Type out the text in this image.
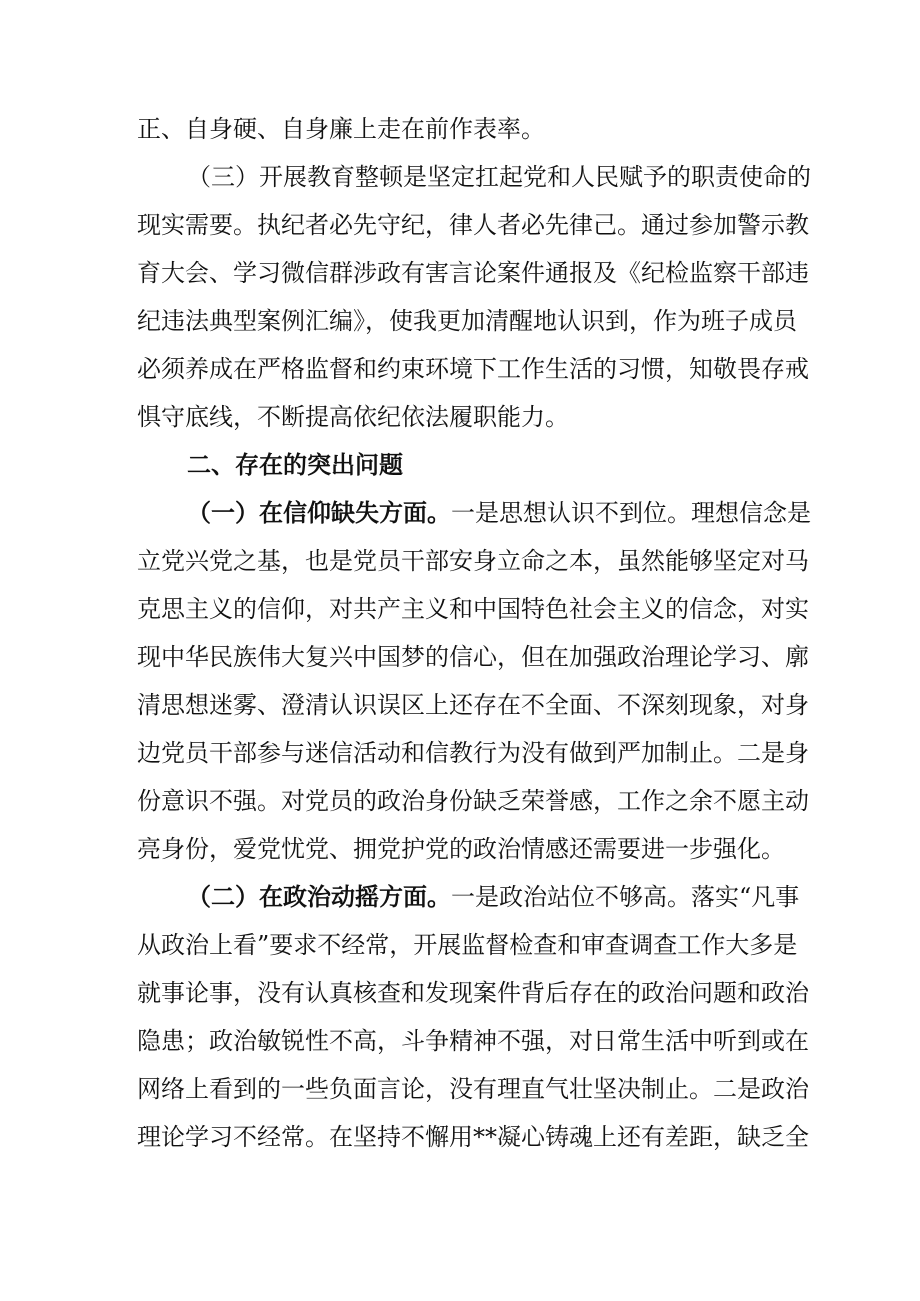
正、自身硬、自身廉上走在前作表率。
（三）开展教育整顿是坚定扛起党和人民赋予的职责使命的
现实需要。执纪者必先守纪，律人者必先律己。通过参加警示教
育大会、学习微信群涉政有害言论案件通报及《纪检监察干部违
纪违法典型案例汇编》，使我更加清醒地认识到，作为班子成员
必须养成在严格监督和约束环境下工作生活的习惯，知敬畏存戒
惧守底线，不断提高依纪依法履职能力。
二、存在的突出问题
（一）在信仰缺失方面。一是思想认识不到位。理想信念是
立党兴党之基，也是党员干部安身立命之本，虽然能够坚定对马
克思主义的信仰，对共产主义和中国特色社会主义的信念，对实
现中华民族伟大复兴中国梦的信心，但在加强政治理论学习、廓
清思想迷雾、澄清认识误区上还存在不全面、不深刻现象，对身
边党员干部参与迷信活动和信教行为没有做到严加制止。二是身
份意识不强。对党员的政治身份缺乏荣誉感，工作之余不愿主动
亮身份，爱党忧党、拥党护党的政治情感还需要进一步强化。
（二）在政治动摇方面。一是政治站位不够高。落实“凡事
从政治上看”要求不经常，开展监督检查和审查调查工作大多是
就事论事，没有认真核查和发现案件背后存在的政治问题和政治
隐患；政治敏锐性不高，斗争精神不强，对日常生活中听到或在
网络上看到的一些负面言论，没有理直气壮坚决制止。二是政治
理论学习不经常。在坚持不懈用**凝心铸魂上还有差距，缺乏全
